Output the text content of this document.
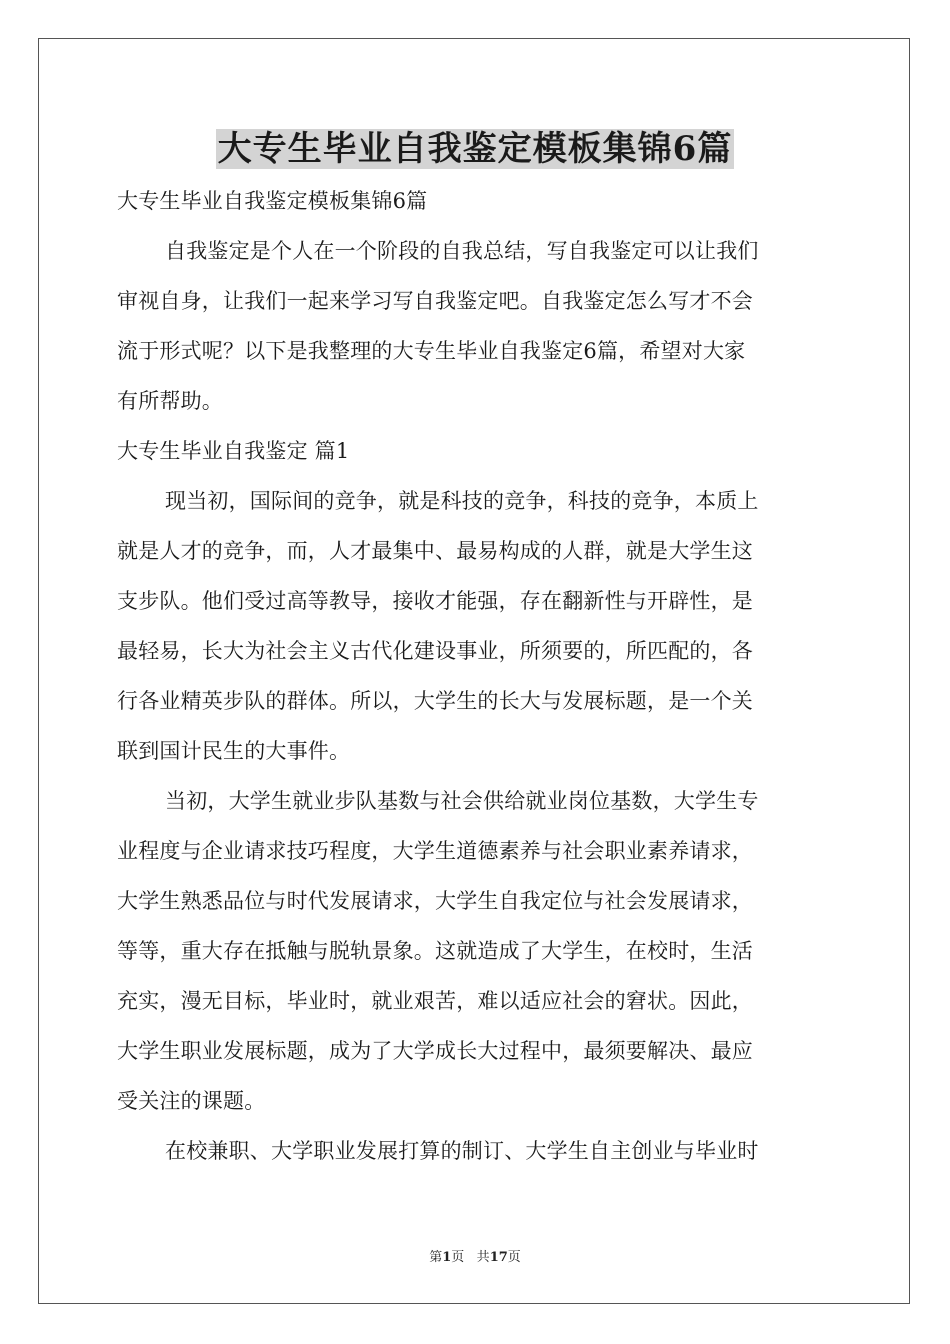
大专生毕业自我鉴定模板集锦6篇
大专生毕业自我鉴定模板集锦6篇
自我鉴定是个人在一个阶段的自我总结，写自我鉴定可以让我们
审视自身，让我们一起来学习写自我鉴定吧。自我鉴定怎么写才不会
流于形式呢？以下是我整理的大专生毕业自我鉴定6篇，希望对大家
有所帮助。
大专生毕业自我鉴定 篇1
现当初，国际间的竞争，就是科技的竞争，科技的竞争，本质上
就是人才的竞争，而，人才最集中、最易构成的人群，就是大学生这
支步队。他们受过高等教导，接收才能强，存在翻新性与开辟性，是
最轻易，长大为社会主义古代化建设事业，所须要的，所匹配的，各
行各业精英步队的群体。所以，大学生的长大与发展标题，是一个关
联到国计民生的大事件。
当初，大学生就业步队基数与社会供给就业岗位基数，大学生专
业程度与企业请求技巧程度，大学生道德素养与社会职业素养请求，
大学生熟悉品位与时代发展请求，大学生自我定位与社会发展请求，
等等，重大存在抵触与脱轨景象。这就造成了大学生，在校时，生活
充实，漫无目标，毕业时，就业艰苦，难以适应社会的窘状。因此，
大学生职业发展标题，成为了大学成长大过程中，最须要解决、最应
受关注的课题。
在校兼职、大学职业发展打算的制订、大学生自主创业与毕业时
第1页 共17页
